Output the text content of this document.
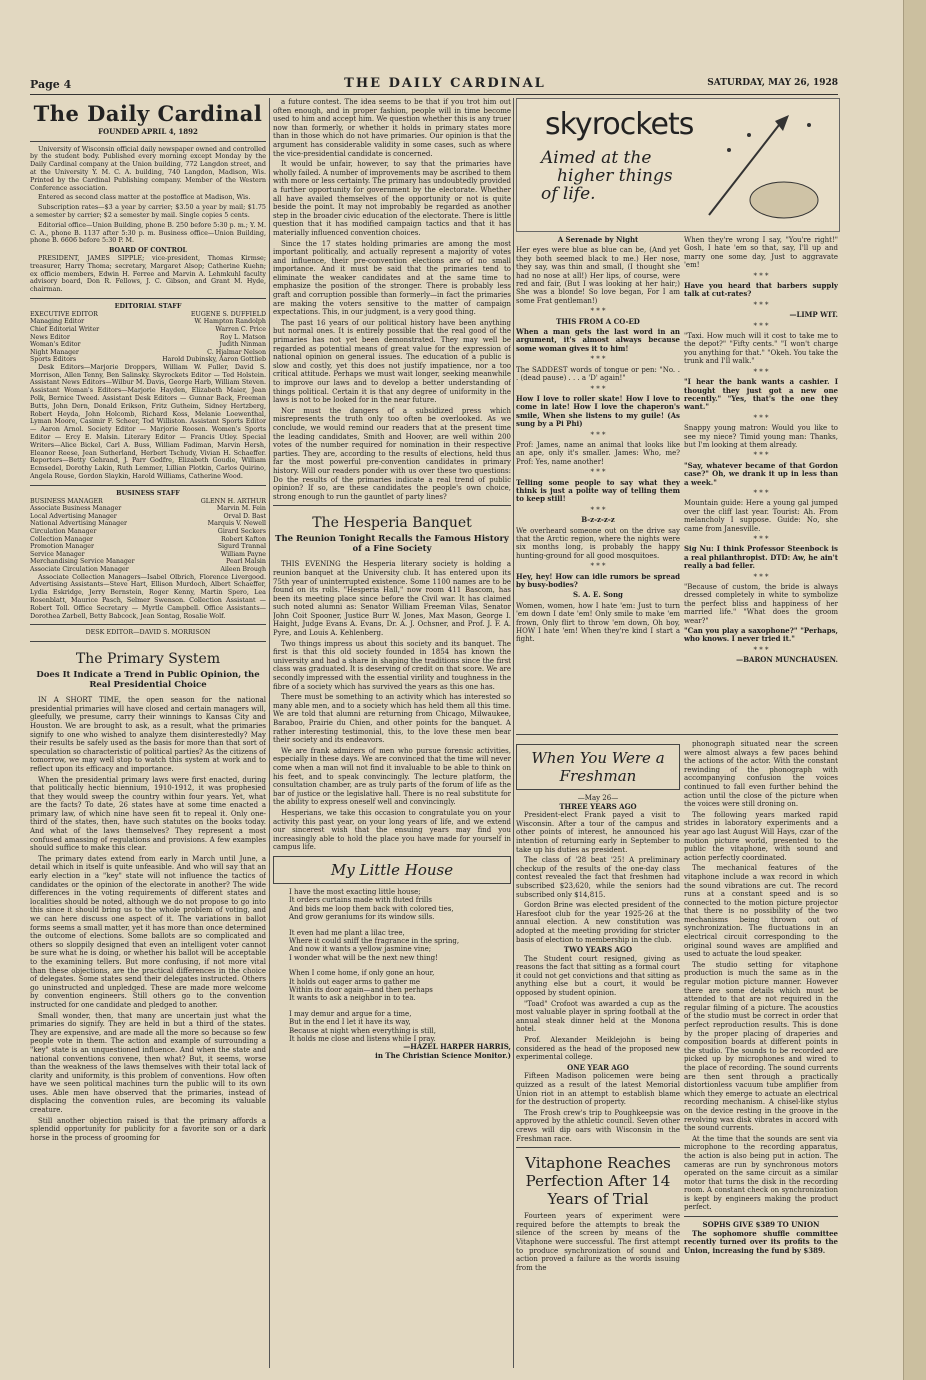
Page 4	THE DAILY CARDINAL	SATURDAY, MAY 26, 1928
The Daily Cardinal
FOUNDED APRIL 4, 1892

University of Wisconsin official daily newspaper owned and controlled by the student body. Published every morning except Monday by the Daily Cardinal company at the Union building, 772 Langdon street, and at the University Y. M. C. A. building, 740 Langdon, Madison, Wis. Printed by the Cardinal Publishing company. Member of the Western Conference association.

Entered as second class matter at the postoffice at Madison, Wis.

Subscription rates—$3 a year by carrier; $3.50 a year by mail; $1.75 a semester by carrier; $2 a semester by mail. Single copies 5 cents.

Editorial office—Union Building, phone B. 250 before 5:30 p. m.; Y. M. C. A., phone B. 1137 after 5:30 p. m. Business office—Union Building, phone B. 6606 before 5:30 P. M.

BOARD OF CONTROL

PRESIDENT, JAMES SIPPLE; vice-president, Thomas Kirmse; treasurer, Harry Thoma; secretary, Margaret Alsop; Catherine Kuehn; ex officio members, Edwin H. Ferree and Marvin A. Lehmkuhl faculty advisory board, Don R. Fellows, J. C. Gibson, and Grant M. Hyde, chairman.

EDITORIAL STAFF
EXECUTIVE EDITOR	EUGENE S. DUFFIELD
Managing Editor	W. Hampton Randolph
Chief Editorial Writer	Warren C. Price
News Editor	Roy L. Matson
Woman's Editor	Judith Ninman
Night Manager	C. Hjalmar Nelson
Sports Editors	Harold Dubinsky, Aaron Gottlieb

Desk Editors—Marjorie Droppers, William W. Fuller, David S. Morrison, Allen Tenny, Ben Salinsky. Skyrockets Editor — Ted Holstein. Assistant News Editors—Wilbur M. Davis, George Harb, William Steven. Assistant Woman's Editors—Marjorie Hayden, Elizabeth Maier, Jean Polk, Bernice Tweed. Assistant Desk Editors — Gunnar Back, Freeman Butts, John Dern, Donald Erikson, Fritz Gutheim, Sidney Hertzberg, Robert Heyda, John Holcomb, Richard Koss, Melanie Loewenthal, Lyman Moore, Casimir F. Scheer, Tod Williston. Assistant Sports Editor — Aaron Arnol. Society Editor — Marjorie Roosen. Women's Sports Editor — Ercy E. Malsin. Literary Editor — Francis Utley. Special Writers—Alice Bickel, Carl A. Buss, William Fadiman, Marvin Hersh, Eleanor Reese, Jean Sutherland, Herbert Tschudy, Vivian H. Schaeffer. Reporters—Betty Gehrand, J. Parr Godfre, Elizabeth Goudie, William Ecmsedel, Dorothy Lakin, Ruth Lemmer, Lillian Plotkin, Carlos Quirino, Angela Rouse, Gordon Slaykin, Harold Williams, Catherine Wood.

BUSINESS STAFF
BUSINESS MANAGER	GLENN H. ARTHUR
Associate Business Manager	Marvin M. Fein
Local Advertising Manager	Orval D. Bast
National Advertising Manager	Marquis V. Newell
Circulation Manager	Girard Seckers
Collection Manager	Robert Kafton
Promotion Manager	Sigurd Trannal
Service Manager	William Payne
Merchandising Service Manager	Pearl Malsin
Associate Circulation Manager	Aileen Brough

Associate Collection Managers—Isabel Olbrich, Florence Livergood. Advertising Assistants—Steve Hart, Ellison Murdoch, Albert Schaeffer, Lydia Eskridge, Jerry Bernstein, Roger Kenny, Martin Spero, Lea Rosenblatt, Maurice Pasch, Selmer Swenson. Collection Assistant — Robert Toll. Office Secretary — Myrtle Campbell. Office Assistants—Dorothea Zarbell, Betty Babcock, Jean Sontag, Rosalie Wolf.

DESK EDITOR—DAVID S. MORRISON
The Primary System
Does It Indicate a Trend in Public Opinion, the Real Presidential Choice

IN A SHORT TIME, the open season for the national presidential primaries will have closed and certain managers will, gleefully, we presume, carry their winnings to Kansas City and Houston. We are brought to ask, as a result, what the primaries signify to one who wished to analyze them disinterestedly? May their results be safely used as the basis for more than that sort of speculation so characteristic of political parties? As the citizens of tomorrow, we may well stop to watch this system at work and to reflect upon its efficacy and importance.

When the presidential primary laws were first enacted, during that politically hectic biennium, 1910-1912, it was prophesied that they would sweep the country within four years. Yet, what are the facts? To date, 26 states have at some time enacted a primary law, of which nine have seen fit to repeal it. Only one-third of the states, then, have such statutes on the books today. And what of the laws themselves? They represent a most confused amassing of regulations and provisions. A few examples should suffice to make this clear.

The primary dates extend from early in March until June, a detail which in itself is quite unfeasible. And who will say that an early election in a "key" state will not influence the tactics of candidates or the opinion of the electorate in another? The wide differences in the voting requirements of different states and localities should be noted, although we do not propose to go into this since it should bring us to the whole problem of voting, and we can here discuss one aspect of it. The variations in ballot forms seems a small matter, yet it has more than once determined the outcome of elections. Some ballots are so complicated and others so sloppily designed that even an intelligent voter cannot be sure what he is doing, or whether his ballot will be acceptable to the examining tellers. But more confusing, if not more vital than these objections, are the practical differences in the choice of delegates. Some states send their delegates instructed. Others go uninstructed and unpledged. These are made more welcome by convention engineers. Still others go to the convention instructed for one candidate and pledged to another.

Small wonder, then, that many are uncertain just what the primaries do signify. They are held in but a third of the states. They are expensive, and are made all the more so because so few people vote in them. The action and example of surrounding a "key" state is an unquestioned influence. And when the state and national conventions convene, then what? But, it seems, worse than the weakness of the laws themselves with their total lack of clarity and uniformity, is this problem of conventions. How often have we seen political machines turn the public will to its own uses. Able men have observed that the primaries, instead of displacing the convention rules, are becoming its valuable creature.

Still another objection raised is that the primary affords a splendid opportunity for publicity for a favorite son or a dark horse in the process of grooming for

a future contest. The idea seems to be that if you trot him out often enough, and in proper fashion, people will in time become used to him and accept him. We question whether this is any truer now than formerly, or whether it holds in primary states more than in those which do not have primaries. Our opinion is that the argument has considerable validity in some cases, such as where the vice-presidential candidate is concerned.

It would be unfair, however, to say that the primaries have wholly failed. A number of improvements may be ascribed to them with more or less certainty. The primary has undoubtedly provided a further opportunity for government by the electorate. Whether all have availed themselves of the opportunity or not is quite beside the point. It may not improbably be regarded as another step in the broader civic education of the electorate. There is little question that it has modified campaign tactics and that it has materially influenced convention choices.

Since the 17 states holding primaries are among the most important politically, and actually represent a majority of votes and influence, their pre-convention elections are of no small importance. And it must be said that the primaries tend to eliminate the weaker candidates and at the same time to emphasize the position of the stronger. There is probably less graft and corruption possible than formerly—in fact the primaries are making the voters sensitive to the matter of campaign expectations. This, in our judgment, is a very good thing.

The past 16 years of our political history have been anything but normal ones. It is entirely possible that the real good of the primaries has not yet been demonstrated. They may well be regarded as potential means of great value for the expression of national opinion on general issues. The education of a public is slow and costly, yet this does not justify impatience, nor a too critical attitude. Perhaps we must wait longer, seeking meanwhile to improve our laws and to develop a better understanding of things political. Certain it is that any degree of uniformity in the laws is not to be looked for in the near future.

Nor must the dangers of a subsidized press which misrepresents the truth only too often be overlooked. As we conclude, we would remind our readers that at the present time the leading candidates, Smith and Hoover, are well within 200 votes of the number required for nomination in their respective parties. They are, according to the results of elections, held thus far the most powerful pre-convention candidates in primary history. Will our readers ponder with us over these two questions: Do the results of the primaries indicate a real trend of public opinion? If so, are these candidates the people's own choice, strong enough to run the gauntlet of party lines?

The Hesperia Banquet
The Reunion Tonight Recalls the Famous History of a Fine Society

THIS EVENING the Hesperia literary society is holding a reunion banquet at the University club. It has entered upon its 75th year of uninterrupted existence. Some 1100 names are to be found on its rolls. "Hesperia Hall," now room 411 Bascom, has been its meeting place since before the Civil war. It has claimed such noted alumni as: Senator William Freeman Vilas, Senator John Coit Spooner, Justice Burr W. Jones, Max Mason, George I. Haight, Judge Evans A. Evans, Dr. A. J. Ochsner, and Prof. J. F. A. Pyre, and Louis A. Kehlenberg.

Two things impress us about this society and its banquet. The first is that this old society founded in 1854 has known the university and had a share in shaping the traditions since the first class was graduated. It is deserving of credit on that score. We are secondly impressed with the essential virility and toughness in the fibre of a society which has survived the years as this one has.

There must be something to an activity which has interested so many able men, and to a society which has held them all this time. We are told that alumni are returning from Chicago, Milwaukee, Baraboo, Prairie du Chien, and other points for the banquet. A rather interesting testimonial, this, to the love these men bear their society and its endeavors.

We are frank admirers of men who pursue forensic activities, especially in these days. We are convinced that the time will never come when a man will not find it invaluable to be able to think on his feet, and to speak convincingly. The lecture platform, the consultation chamber, are as truly parts of the forum of life as the bar of justice or the legislative hall. There is no real substitute for the ability to express oneself well and convincingly.

Hesperians, we take this occasion to congratulate you on your activity this past year, on your long years of life, and we extend our sincerest wish that the ensuing years may find you increasingly able to hold the place you have made for yourself in campus life.

My Little House
I have the most exacting little house;
It orders curtains made with fluted frills
And bids me loop them back with colored ties,
And grow geraniums for its window sills.
It even had me plant a lilac tree,
Where it could sniff the fragrance in the spring,
And now it wants a yellow jasmine vine;
I wonder what will be the next new thing!
When I come home, if only gone an hour,
It holds out eager arms to gather me
Within its door again—and then perhaps
It wants to ask a neighbor in to tea.
I may demur and argue for a time,
But in the end I let it have its way,
Because at night when everything is still,
It holds me close and listens while I pray.
—HAZEL HARPER HARRIS,
in The Christian Science Monitor.)
skyrockets
Aimed at the
higher things
of life.

A Serenade by Night

Her eyes were blue as blue can be, (And yet they both seemed black to me.) Her nose, they say, was thin and small, (I thought she had no nose at all!) Her lips, of course, were red and fair, (But I was looking at her hair;) She was a blonde! So love began, For I am some Frat gentleman!)

* * *

THIS FROM A CO-ED

When a man gets the last word in an argument, it's almost always because some woman gives it to him!

* * *

The SADDEST words of tongue or pen: "No. . . (dead pause) . . . a 'D' again!"

* * *

How I love to roller skate! How I love to come in late! How I love the chaperon's smile, When she listens to my guile! (As sung by a Pi Phi)

* * *

Prof: James, name an animal that looks like an ape, only it's smaller. James: Who, me? Prof: Yes, name another!

* * *

Telling some people to say what they think is just a polite way of telling them to keep still!

* * *

B-z-z-z-z

We overheard someone out on the drive say that the Arctic region, where the nights were six months long, is probably the happy hunting-ground for all good mosquitoes.

* * *

Hey, hey! How can idle rumors be spread by busy-bodies?

S. A. E. Song

Women, women, how I hate 'em: Just to turn 'em down I date 'em! Only smile to make 'em frown, Only flirt to throw 'em down, Oh boy, HOW I hate 'em! When they're kind I start a fight.

When they're wrong I say, "You're right!" Gosh, I hate 'em so that, say, I'll up and marry one some day, Just to aggravate 'em!

* * *

Have you heard that barbers supply talk at cut-rates?

* * *

—LIMP WIT.

* * *

"Taxi. How much will it cost to take me to the depot?" "Fifty cents." "I won't charge you anything for that." "Okeh. You take the trunk and I'll walk."

* * *

"I hear the bank wants a cashier. I thought they just got a new one recently." "Yes, that's the one they want."

* * *

Snappy young matron: Would you like to see my niece? Timid young man: Thanks, but I'm looking at them already.

* * *

"Say, whatever became of that Gordon case?" Oh, we drank it up in less than a week."

* * *

Mountain guide: Here a young gal jumped over the cliff last year. Tourist: Ah. From melancholy I suppose. Guide: No, she came from Janesville.

* * *

Sig Nu: I think Professor Steenbock is a real philanthropist. DTD: Aw, he ain't really a bad feller.

* * *

"Because of custom, the bride is always dressed completely in white to symbolize the perfect bliss and happiness of her married life." "What does the groom wear?"

"Can you play a saxophone?" "Perhaps, who knows. I never tried it."

* * *

—BARON MUNCHAUSEN.

When You Were a Freshman
—May 26—
THREE YEARS AGO

President-elect Frank payed a visit to Wisconsin. After a tour of the campus and other points of interest, he announced his intention of returning early in September to take up his duties as president.

The class of '28 beat '25! A preliminary checkup of the results of the one-day class contest revealed the fact that freshmen had subscribed $23,620, while the seniors had subscribed only $14,815.

Gordon Brine was elected president of the Haresfoot club for the year 1925-26 at the annual election. A new constitution was adopted at the meeting providing for stricter basis of election to membership in the club.

TWO YEARS AGO

The Student court resigned, giving as reasons the fact that sitting as a formal court it could not get convictions and that sitting as anything else but a court, it would be opposed by student opinion.

"Toad" Crofoot was awarded a cup as the most valuable player in spring football at the annual steak dinner held at the Monona hotel.

Prof. Alexander Meiklejohn is being considered as the head of the proposed new experimental college.

ONE YEAR AGO

Fifteen Madison policemen were being quizzed as a result of the latest Memorial Union riot in an attempt to establish blame for the destruction of property.

The Frosh crew's trip to Poughkeepsie was approved by the athletic council. Seven other crews will dip oars with Wisconsin in the Freshman race.

Vitaphone Reaches Perfection After 14 Years of Trial

Fourteen years of experiment were required before the attempts to break the silence of the screen by means of the Vitaphone were successful. The first attempt to produce synchronization of sound and action proved a failure as the words issuing from the

phonograph situated near the screen were almost always a few paces behind the actions of the actor. With the constant rewinding of the phonograph with accompanying confusion the voices continued to fall even further behind the action until the close of the picture when the voices were still droning on.

The following years marked rapid strides in laboratory experiments and a year ago last August Will Hays, czar of the motion picture world, presented to the public the vitaphone, with sound and action perfectly coordinated.

The mechanical features of the vitaphone include a wax record in which the sound vibrations are cut. The record runs at a constant speed and is so connected to the motion picture projector that there is no possibility of the two mechanisms being thrown out of synchronization. The fluctuations in an electrical circuit corresponding to the original sound waves are amplified and used to actuate the loud speaker.

The studio setting for vitaphone production is much the same as in the regular motion picture manner. However there are some details which must be attended to that are not required in the regular filming of a picture. The acoustics of the studio must be correct in order that perfect reproduction results. This is done by the proper placing of draperies and composition boards at different points in the studio. The sounds to be recorded are picked up by microphones and wired to the place of recording. The sound currents are then sent through a practically distortionless vacuum tube amplifier from which they emerge to actuate an electrical recording mechanism. A chisel-like stylus on the device resting in the groove in the revolving wax disk vibrates in accord with the sound currents.

At the time that the sounds are sent via microphone to the recording apparatus, the action is also being put in action. The cameras are run by synchronous motors operated on the same circuit as a similar motor that turns the disk in the recording room. A constant check on synchronization is kept by engineers making the product perfect.

SOPHS GIVE $389 TO UNION

The sophomore shuffle committee recently turned over its profits to the Union, increasing the fund by $389.
